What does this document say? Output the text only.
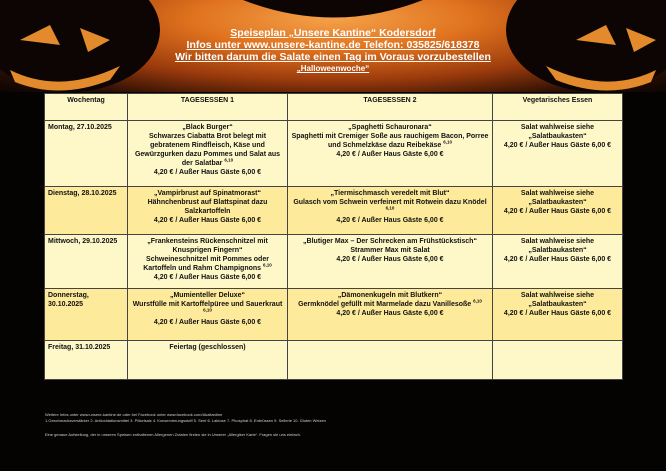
Speiseplan „Unsere Kantine“ Kodersdorf
Infos unter www.unsere-kantine.de Telefon: 035825/618378
Wir bitten darum die Salate einen Tag im Voraus vorzubestellen
„Halloweenwoche“
Wochentag	TAGESESSEN 1	TAGESESSEN 2	Vegetarisches Essen
Montag, 27.10.2025	„Black Burger“
Schwarzes Ciabatta Brot belegt mit gebratenem Rindfleisch, Käse und Gewürzgurken dazu Pommes und Salat aus der Salatbar $^{6,10}$
4,20 € / Außer Haus Gäste 6,00 €	„Spaghetti Schauronara“
Spaghetti mit Cremiger Soße aus rauchigem Bacon, Porree und Schmelzkäse dazu Reibekäse $^{6,10}$
4,20 € / Außer Haus Gäste 6,00 €	Salat wahlweise siehe „Salatbaukasten“
4,20 € / Außer Haus Gäste 6,00 €

Dienstag, 28.10.2025	„Vampirbrust auf Spinatmorast“
Hähnchenbrust auf Blattspinat dazu Salzkartoffeln
4,20 € / Außer Haus Gäste 6,00 €	„Tiermischmasch veredelt mit Blut“
Gulasch vom Schwein verfeinert mit Rotwein dazu Knödel $^{6,10}$
4,20 € / Außer Haus Gäste 6,00 €	Salat wahlweise siehe „Salatbaukasten“
4,20 € / Außer Haus Gäste 6,00 €

Mittwoch, 29.10.2025	„Frankensteins Rückenschnitzel mit Knusprigen Fingern“
Schweineschnitzel mit Pommes oder Kartoffeln und Rahm Champignons $^{6,10}$
4,20 € / Außer Haus Gäste 6,00 €	„Blutiger Max – Der Schrecken am Frühstückstisch“
Strammer Max mit Salat
4,20 € / Außer Haus Gäste 6,00 €	Salat wahlweise siehe „Salatbaukasten“
4,20 € / Außer Haus Gäste 6,00 €

Donnerstag, 30.10.2025	„Mumienteller Deluxe“
Wurstfülle mit Kartoffelpüree und Sauerkraut $^{6,10}$
4,20 € / Außer Haus Gäste 6,00 €	„Dämonenkugeln mit Blutkern“
Germknödel gefüllt mit Marmelade dazu Vanillesoße $^{6,10}$
4,20 € / Außer Haus Gäste 6,00 €	Salat wahlweise siehe „Salatbaukasten“
4,20 € / Außer Haus Gäste 6,00 €

Freitag, 31.10.2025	Feiertag (geschlossen)		
Weitere Infos unter www.unsere-kantine.de oder bei Facebook unter www.facebook.com/Akaltantine
1.Geschmacksverstärker 2. Antioxidationsmittel 3. Pökelsalz 4. Konservierungsstoff 5. Senf 6. Laktose 7. Phosphat 8. Erdnüssen 9. Sellerie 10. Gluten Weizen
Eine genaue Aufstellung, der in unseren Speisen enthaltenen Allergenen Zutaten finden sie in Unserer „Allergiker Karte“. Fragen sie uns einfach.
